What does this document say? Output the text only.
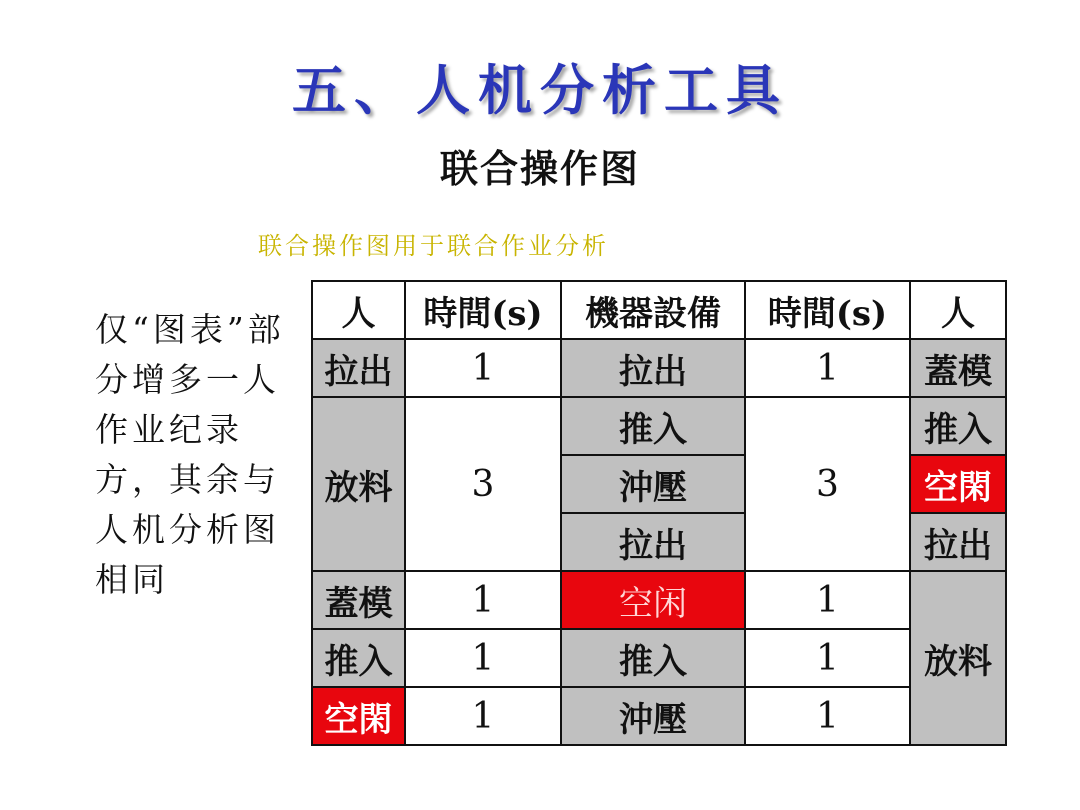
五、人机分析工具
联合操作图

联合操作图用于联合作业分析

仅“图表”部分增多一人作业纪录方，其余与人机分析图相同

人	時間(s)	機器設備	時間(s)	人
拉出	1	拉出	1	蓋模
放料	3	推入	3	推入
		沖壓		空閑
		拉出		拉出
蓋模	1	空闲	1	放料
推入	1	推入	1	
空閑	1	沖壓	1	
